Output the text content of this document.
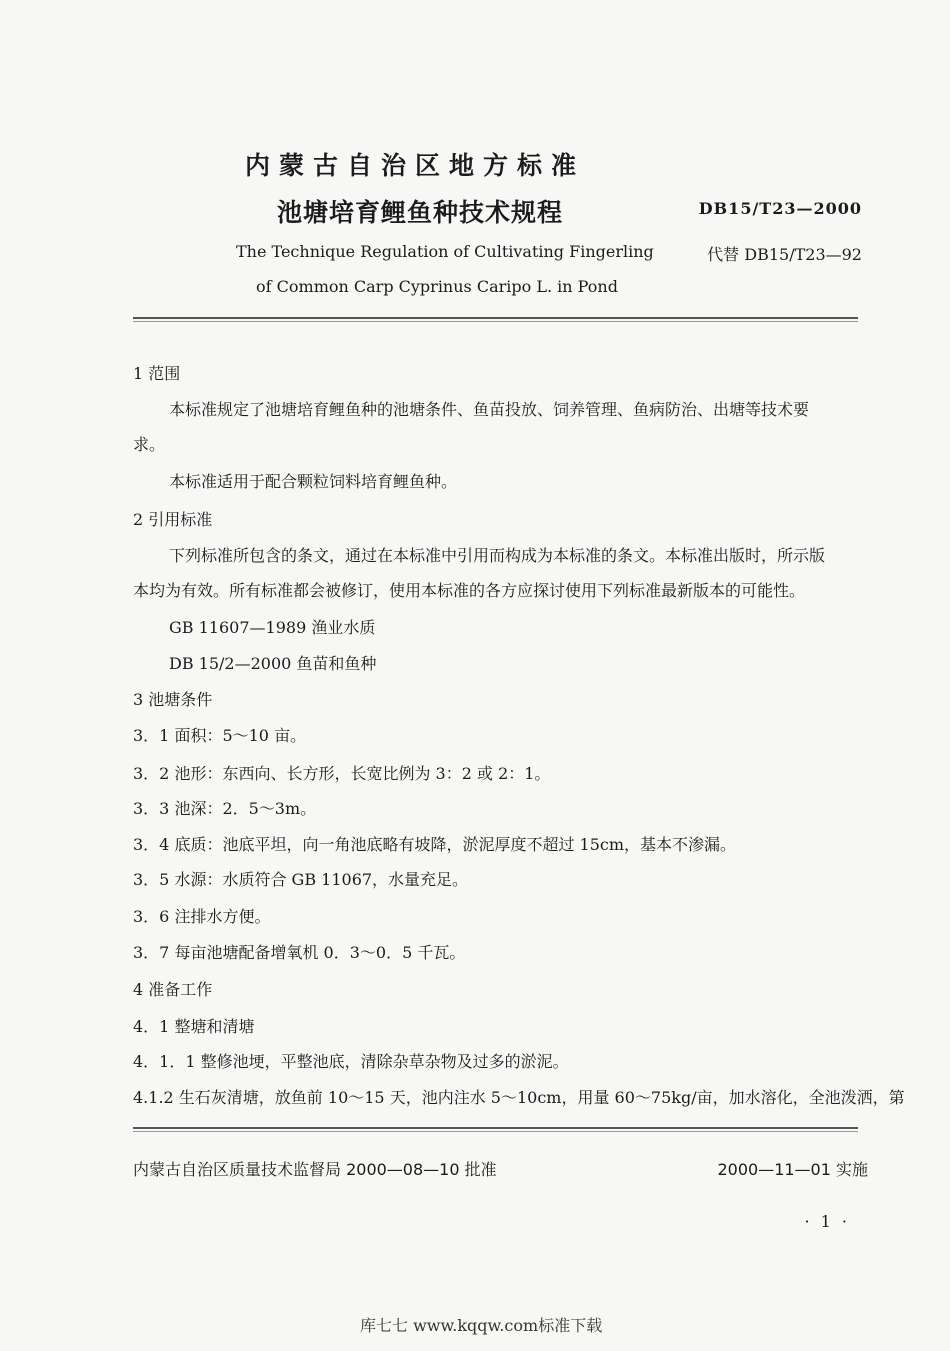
内蒙古自治区地方标准
池塘培育鲤鱼种技术规程	DB15/T23—2000
The Technique Regulation of Cultivating Fingerling	代替 DB15/T23—92
of Common Carp Cyprinus Caripo L. in Pond
1 范围
本标准规定了池塘培育鲤鱼种的池塘条件、鱼苗投放、饲养管理、鱼病防治、出塘等技术要
求。
本标准适用于配合颗粒饲料培育鲤鱼种。
2 引用标准
下列标准所包含的条文，通过在本标准中引用而构成为本标准的条文。本标准出版时，所示版
本均为有效。所有标准都会被修订，使用本标准的各方应探讨使用下列标准最新版本的可能性。
GB 11607—1989 渔业水质
DB 15/2—2000 鱼苗和鱼种
3 池塘条件
3．1 面积：5～10 亩。
3．2 池形：东西向、长方形，长宽比例为 3：2 或 2：1。
3．3 池深：2．5～3m。
3．4 底质：池底平坦，向一角池底略有坡降，淤泥厚度不超过 15cm，基本不渗漏。
3．5 水源：水质符合 GB 11067，水量充足。
3．6 注排水方便。
3．7 每亩池塘配备增氧机 0．3～0．5 千瓦。
4 准备工作
4．1 整塘和清塘
4．1．1 整修池埂，平整池底，清除杂草杂物及过多的淤泥。
4.1.2 生石灰清塘，放鱼前 10～15 天，池内注水 5～10cm，用量 60～75kg/亩，加水溶化，全池泼洒，第
内蒙古自治区质量技术监督局 2000—08—10 批准	2000—11—01 实施
· 1 ·
库七七 www.kqqw.com标准下载
